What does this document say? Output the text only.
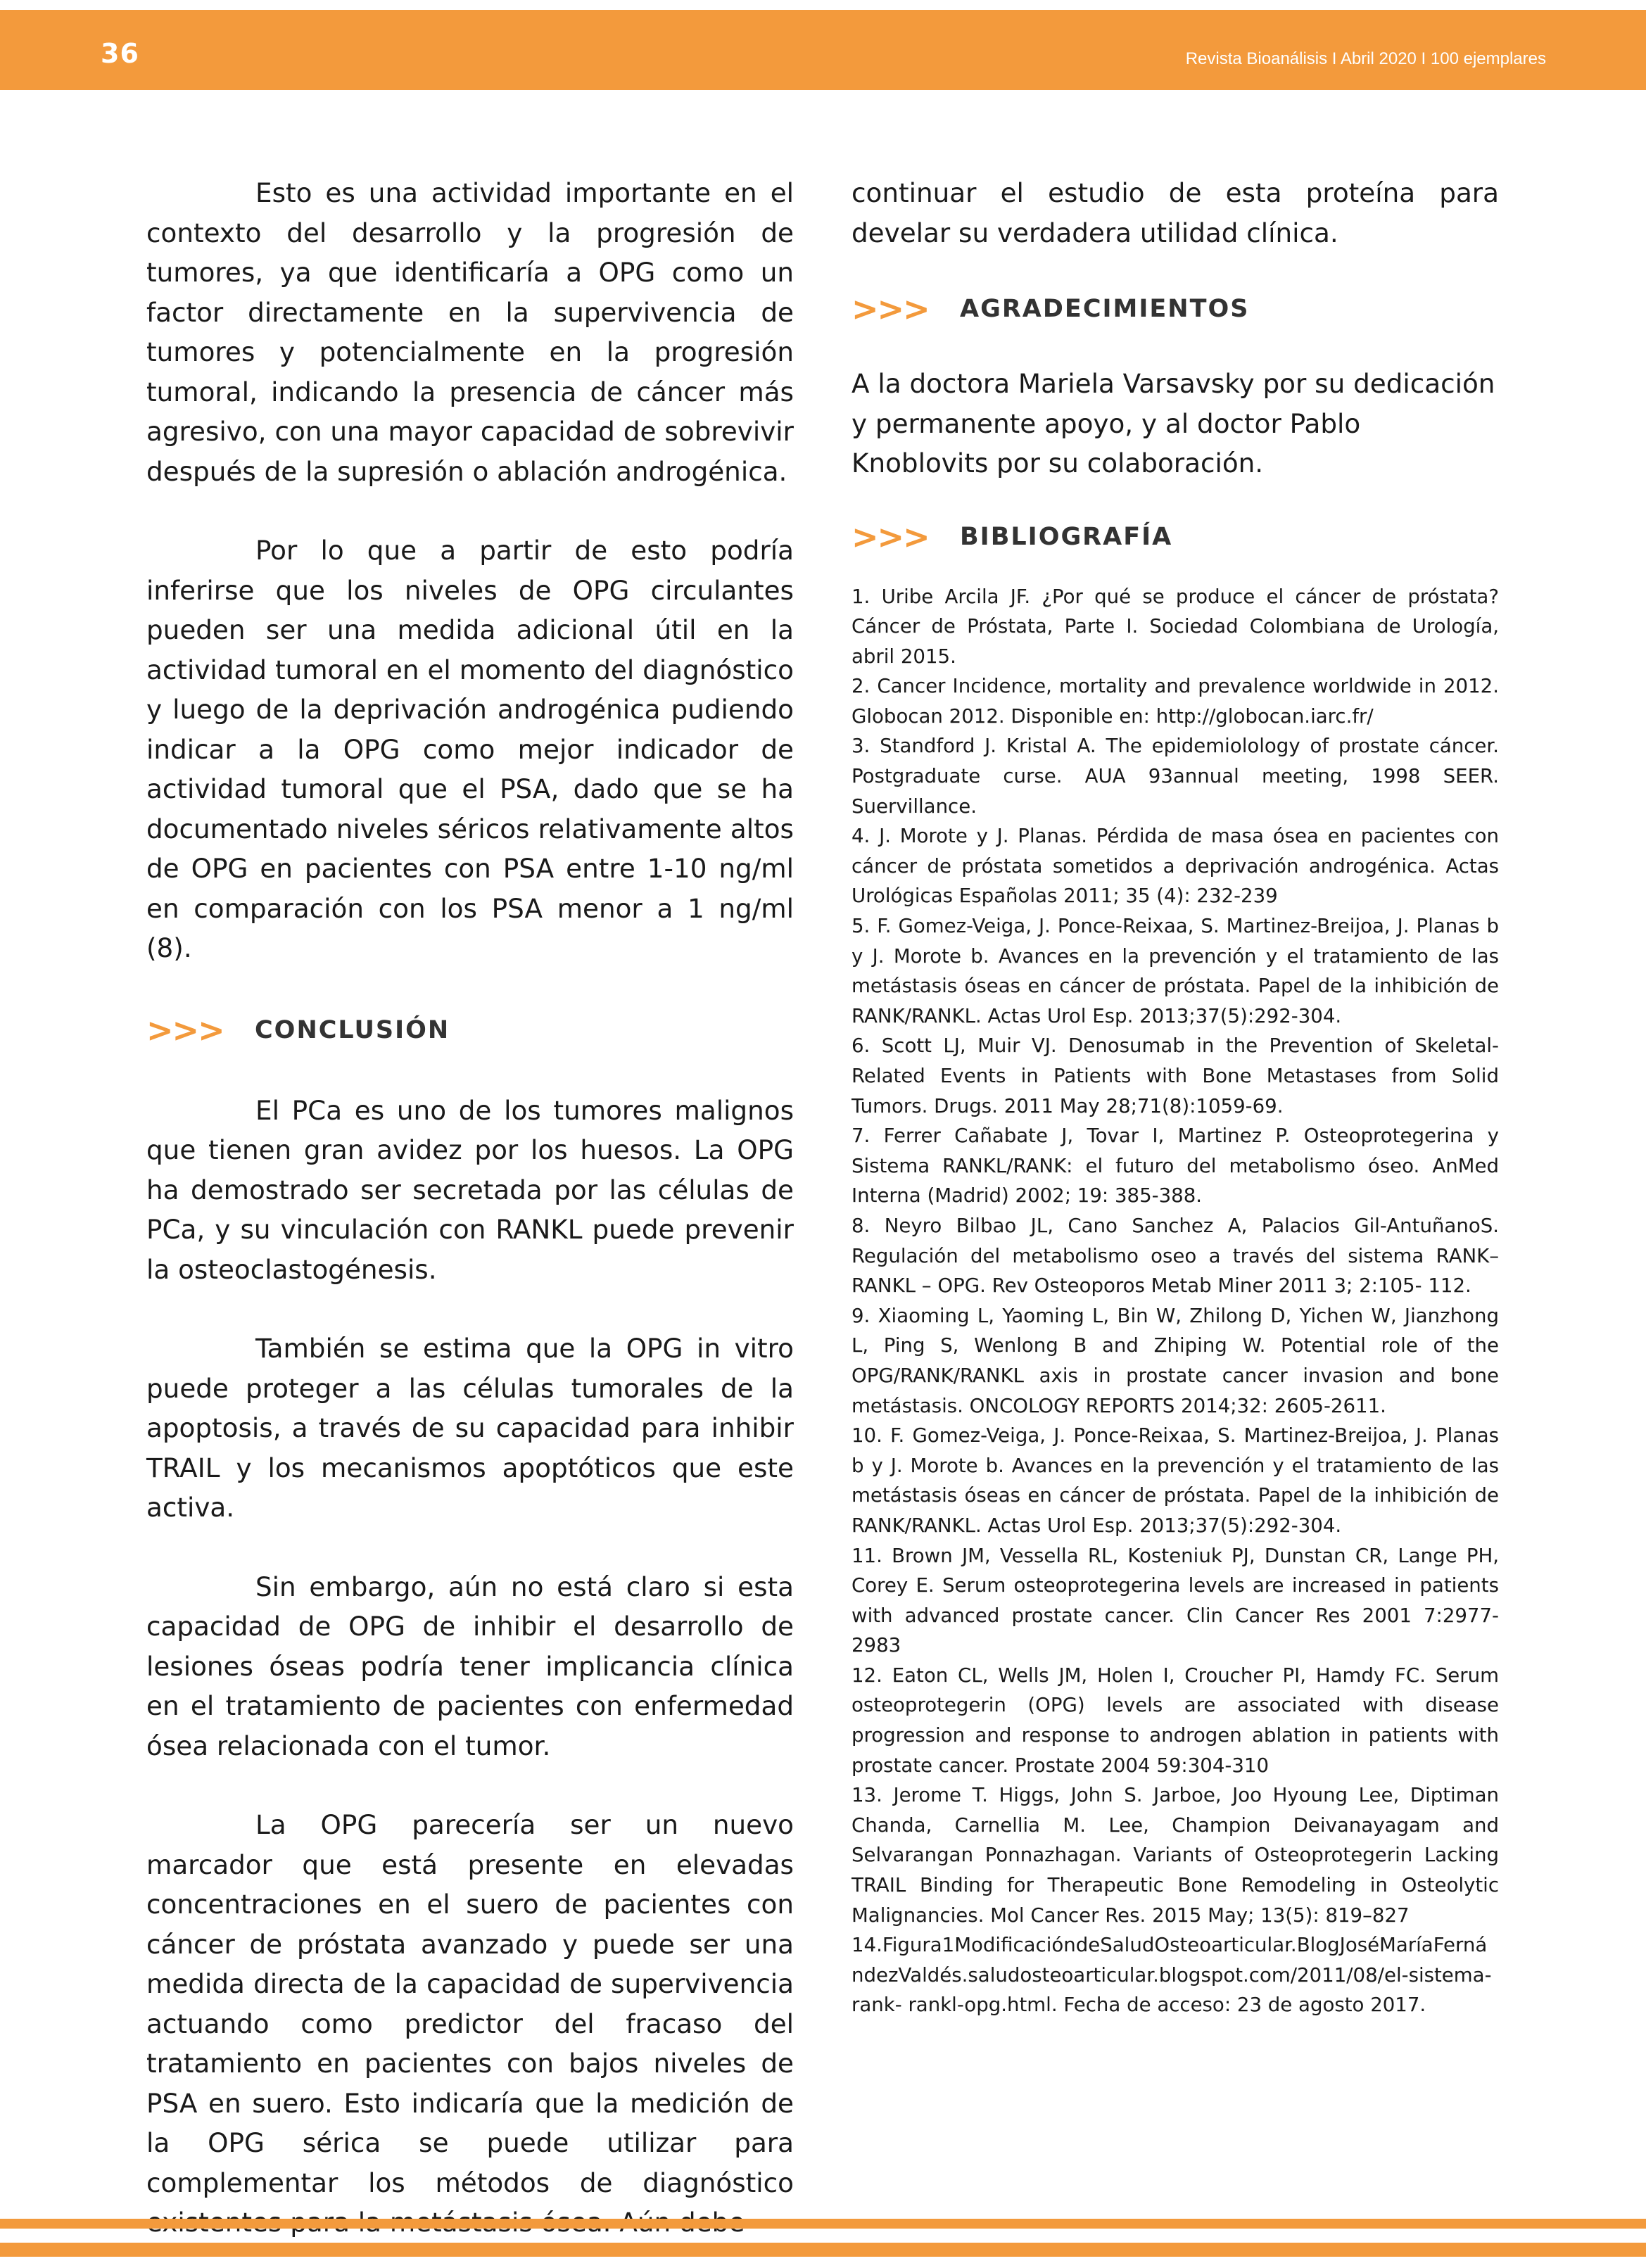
36	Revista Bioanálisis I Abril 2020 I 100 ejemplares

Esto es una actividad importante en el contexto del desarrollo y la progresión de tumores, ya que identificaría a OPG como un factor directamente en la supervivencia de tumores y potencialmente en la progresión tumoral, indicando la presencia de cáncer más agresivo, con una mayor capacidad de sobrevivir después de la supresión o ablación androgénica.

Por lo que a partir de esto podría inferirse que los niveles de OPG circulantes pueden ser una medida adicional útil en la actividad tumoral en el momento del diagnóstico y luego de la deprivación androgénica pudiendo indicar a la OPG como mejor indicador de actividad tumoral que el PSA, dado que se ha documentado niveles séricos relativamente altos de OPG en pacientes con PSA entre 1-10 ng/ml en comparación con los PSA menor a 1 ng/ml (8).

>>>	CONCLUSIÓN

El PCa es uno de los tumores malignos que tienen gran avidez por los huesos. La OPG ha demostrado ser secretada por las células de PCa, y su vinculación con RANKL puede prevenir la osteoclastogénesis.

También se estima que la OPG in vitro puede proteger a las células tumorales de la apoptosis, a través de su capacidad para inhibir TRAIL y los mecanismos apoptóticos que este activa.

Sin embargo, aún no está claro si esta capacidad de OPG de inhibir el desarrollo de lesiones óseas podría tener implicancia clínica en el tratamiento de pacientes con enfermedad ósea relacionada con el tumor.

La OPG parecería ser un nuevo marcador que está presente en elevadas concentraciones en el suero de pacientes con cáncer de próstata avanzado y puede ser una medida directa de la capacidad de supervivencia actuando como predictor del fracaso del tratamiento en pacientes con bajos niveles de PSA en suero. Esto indicaría que la medición de la OPG sérica se puede utilizar para complementar los métodos de diagnóstico

continuar el estudio de esta proteína para develar su verdadera utilidad clínica.

>>>	AGRADECIMIENTOS

A la doctora Mariela Varsavsky por su dedicación y permanente apoyo, y al doctor Pablo Knoblovits por su colaboración.

>>>	BIBLIOGRAFÍA

1. Uribe Arcila JF. ¿Por qué se produce el cáncer de próstata? Cáncer de Próstata, Parte I. Sociedad Colombiana de Urología, abril 2015.

2. Cancer Incidence, mortality and prevalence worldwide in 2012. Globocan 2012. Disponible en: http://globocan.iarc.fr/

3. Standford J. Kristal A. The epidemiolology of prostate cáncer. Postgraduate curse. AUA 93annual meeting, 1998 SEER. Suervillance.

4. J. Morote y J. Planas. Pérdida de masa ósea en pacientes con cáncer de próstata sometidos a deprivación androgénica. Actas Urológicas Españolas 2011; 35 (4): 232-239

5. F. Gomez-Veiga, J. Ponce-Reixaa, S. Martinez-Breijoa, J. Planas b y J. Morote b. Avances en la prevención y el tratamiento de las metástasis óseas en cáncer de próstata. Papel de la inhibición de RANK/RANKL. Actas Urol Esp. 2013;37(5):292-304.

6. Scott LJ, Muir VJ. Denosumab in the Prevention of Skeletal-Related Events in Patients with Bone Metastases from Solid Tumors. Drugs. 2011 May 28;71(8):1059-69.

7. Ferrer Cañabate J, Tovar I, Martinez P. Osteoprotegerina y Sistema RANKL/RANK: el futuro del metabolismo óseo. AnMed Interna (Madrid) 2002; 19: 385-388.

8. Neyro Bilbao JL, Cano Sanchez A, Palacios Gil-AntuñanoS. Regulación del metabolismo oseo a través del sistema RANK– RANKL – OPG. Rev Osteoporos Metab Miner 2011 3; 2:105- 112.

9. Xiaoming L, Yaoming L, Bin W, Zhilong D, Yichen W, Jianzhong L, Ping S, Wenlong B and Zhiping W. Potential role of the OPG/RANK/RANKL axis in prostate cancer invasion and bone metástasis. ONCOLOGY REPORTS 2014;32: 2605-2611.

10. F. Gomez-Veiga, J. Ponce-Reixaa, S. Martinez-Breijoa, J. Planas b y J. Morote b. Avances en la prevención y el tratamiento de las metástasis óseas en cáncer de próstata. Papel de la inhibición de RANK/RANKL. Actas Urol Esp. 2013;37(5):292-304.

11. Brown JM, Vessella RL, Kosteniuk PJ, Dunstan CR, Lange PH, Corey E. Serum osteoprotegerina levels are increased in patients with advanced prostate cancer. Clin Cancer Res 2001 7:2977-2983

12. Eaton CL, Wells JM, Holen I, Croucher PI, Hamdy FC. Serum osteoprotegerin (OPG) levels are associated with disease progression and response to androgen ablation in patients with prostate cancer. Prostate 2004 59:304-310

13. Jerome T. Higgs, John S. Jarboe, Joo Hyoung Lee, Diptiman Chanda, Carnellia M. Lee, Champion Deivanayagam and Selvarangan Ponnazhagan. Variants of Osteoprotegerin Lacking TRAIL Binding for Therapeutic Bone Remodeling in Osteolytic Malignancies. Mol Cancer Res. 2015 May; 13(5): 819–827

14.Figura1ModificacióndeSaludOsteoarticular.BlogJoséMaríaFernándezValdés.saludosteoarticular.blogspot.com/2011/08/el-sistema-rank- rankl-opg.html. Fecha de acceso: 23 de agosto 2017.
